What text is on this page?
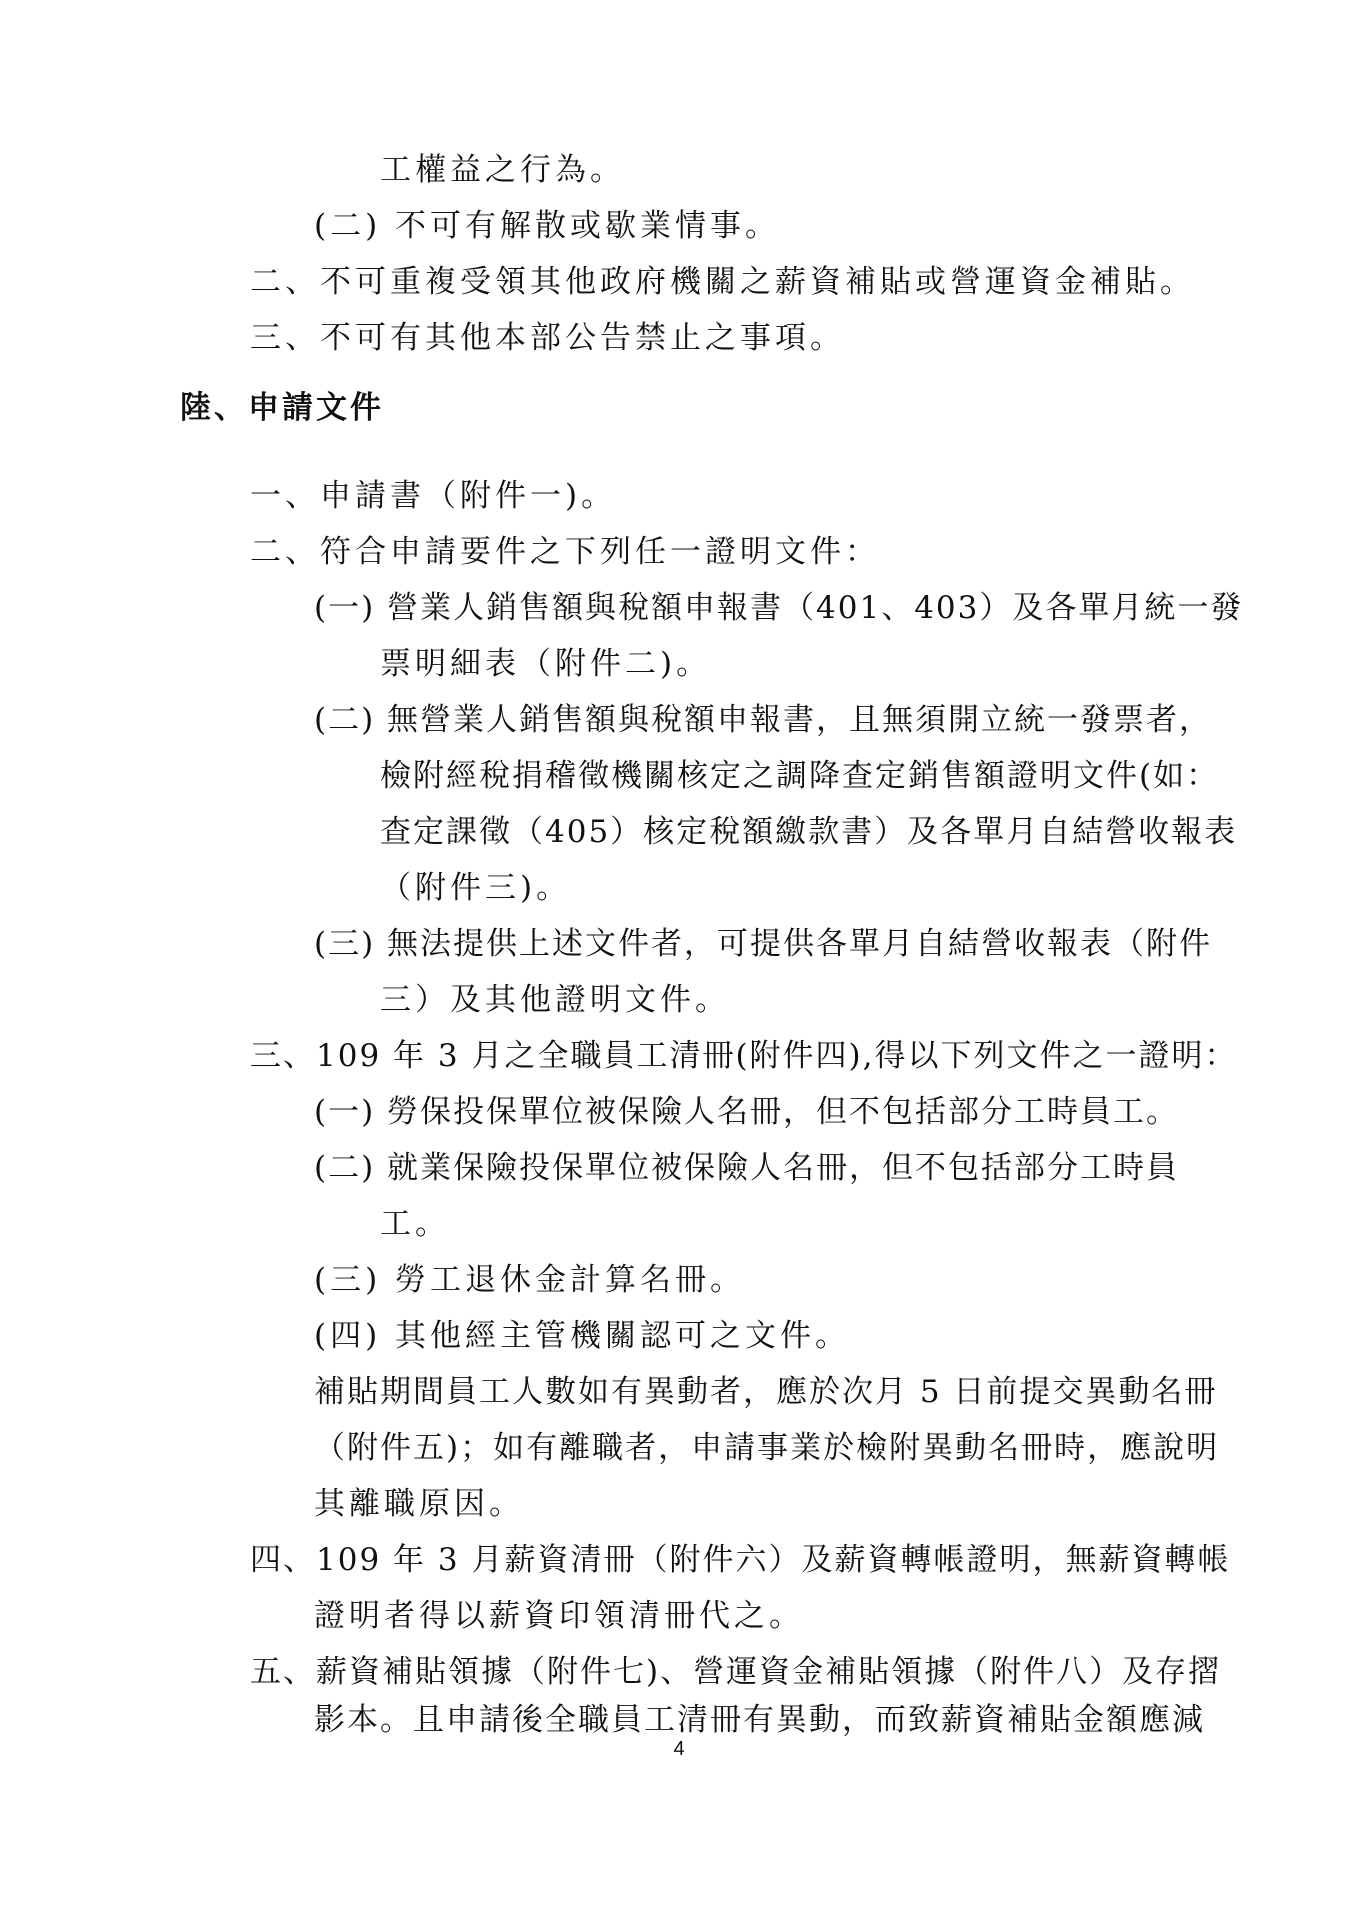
工權益之行為。
(二) 不可有解散或歇業情事。
二、不可重複受領其他政府機關之薪資補貼或營運資金補貼。
三、不可有其他本部公告禁止之事項。
陸、申請文件
一、申請書（附件一)。
二、符合申請要件之下列任一證明文件：
(一) 營業人銷售額與稅額申報書（401、403）及各單月統一發
票明細表（附件二)。
(二) 無營業人銷售額與稅額申報書，且無須開立統一發票者，
檢附經稅捐稽徵機關核定之調降查定銷售額證明文件(如：
查定課徵（405）核定稅額繳款書）及各單月自結營收報表
（附件三)。
(三) 無法提供上述文件者，可提供各單月自結營收報表（附件
三）及其他證明文件。
三、109 年 3 月之全職員工清冊(附件四),得以下列文件之一證明：
(一) 勞保投保單位被保險人名冊，但不包括部分工時員工。
(二) 就業保險投保單位被保險人名冊，但不包括部分工時員
工。
(三) 勞工退休金計算名冊。
(四) 其他經主管機關認可之文件。
補貼期間員工人數如有異動者，應於次月 5 日前提交異動名冊
（附件五)；如有離職者，申請事業於檢附異動名冊時，應說明
其離職原因。
四、109 年 3 月薪資清冊（附件六）及薪資轉帳證明，無薪資轉帳
證明者得以薪資印領清冊代之。
五、薪資補貼領據（附件七)、營運資金補貼領據（附件八）及存摺
影本。且申請後全職員工清冊有異動，而致薪資補貼金額應減
4
